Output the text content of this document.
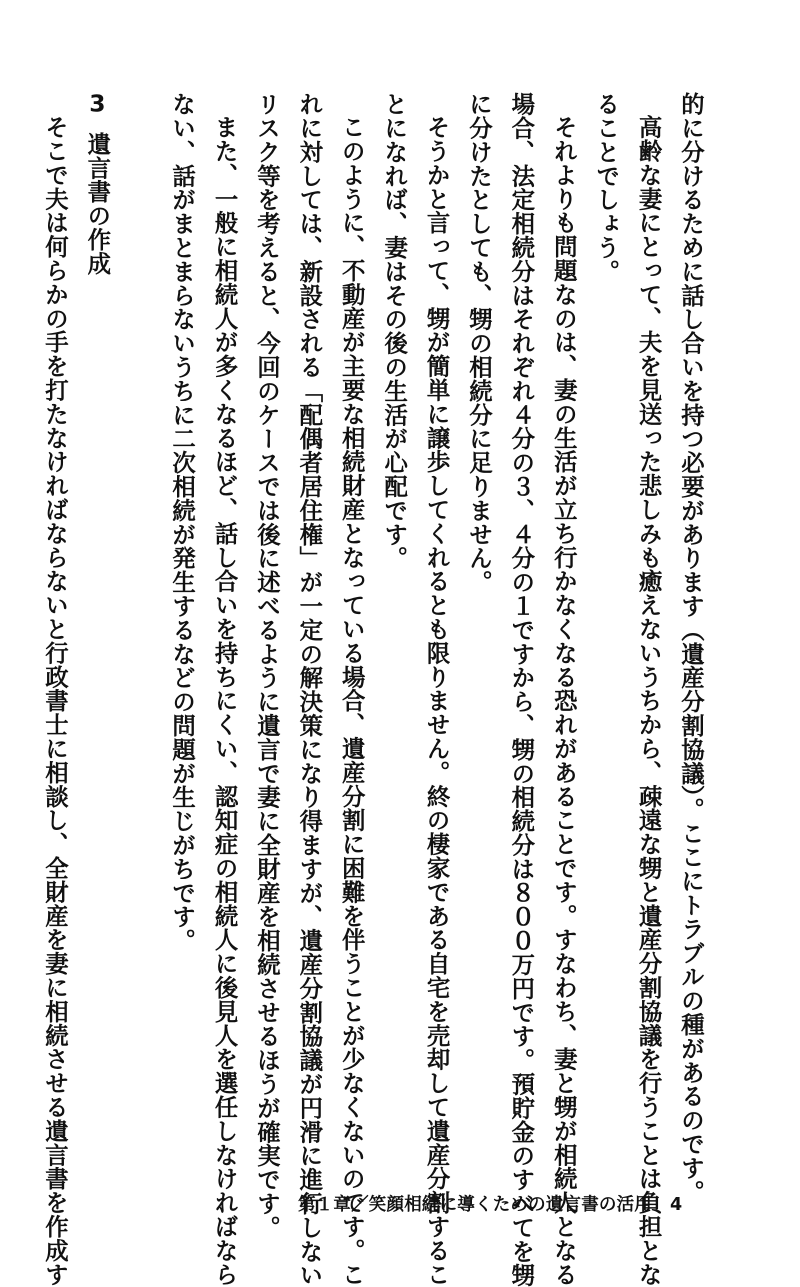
的に分けるために話し合いを持つ必要があります（遺産分割協議）。ここにトラブルの種があるのです。
高齢な妻にとって、夫を見送った悲しみも癒えないうちから、疎遠な甥と遺産分割協議を行うことは負担とな
ることでしょう。
それよりも問題なのは、妻の生活が立ち行かなくなる恐れがあることです。すなわち、妻と甥が相続人となる
場合、法定相続分はそれぞれ４分の３、４分の１ですから、甥の相続分は８００万円です。預貯金のすべてを甥
に分けたとしても、甥の相続分に足りません。
そうかと言って、甥が簡単に譲歩してくれるとも限りません。終の棲家である自宅を売却して遺産分割するこ
とになれば、妻はその後の生活が心配です。
このように、不動産が主要な相続財産となっている場合、遺産分割に困難を伴うことが少なくないのです。こ
れに対しては、新設される「配偶者居住権」が一定の解決策になり得ますが、遺産分割協議が円滑に進行しない
リスク等を考えると、今回のケースでは後に述べるように遺言で妻に全財産を相続させるほうが確実です。
また、一般に相続人が多くなるほど、話し合いを持ちにくい、認知症の相続人に後見人を選任しなければなら
ない、話がまとまらないうちに二次相続が発生するなどの問題が生じがちです。
3遺言書の作成
そこで夫は何らかの手を打たなければならないと行政書士に相談し、全財産を妻に相続させる遺言書を作成す	第１章／笑顔相続に導くための遺言書の活用 4
